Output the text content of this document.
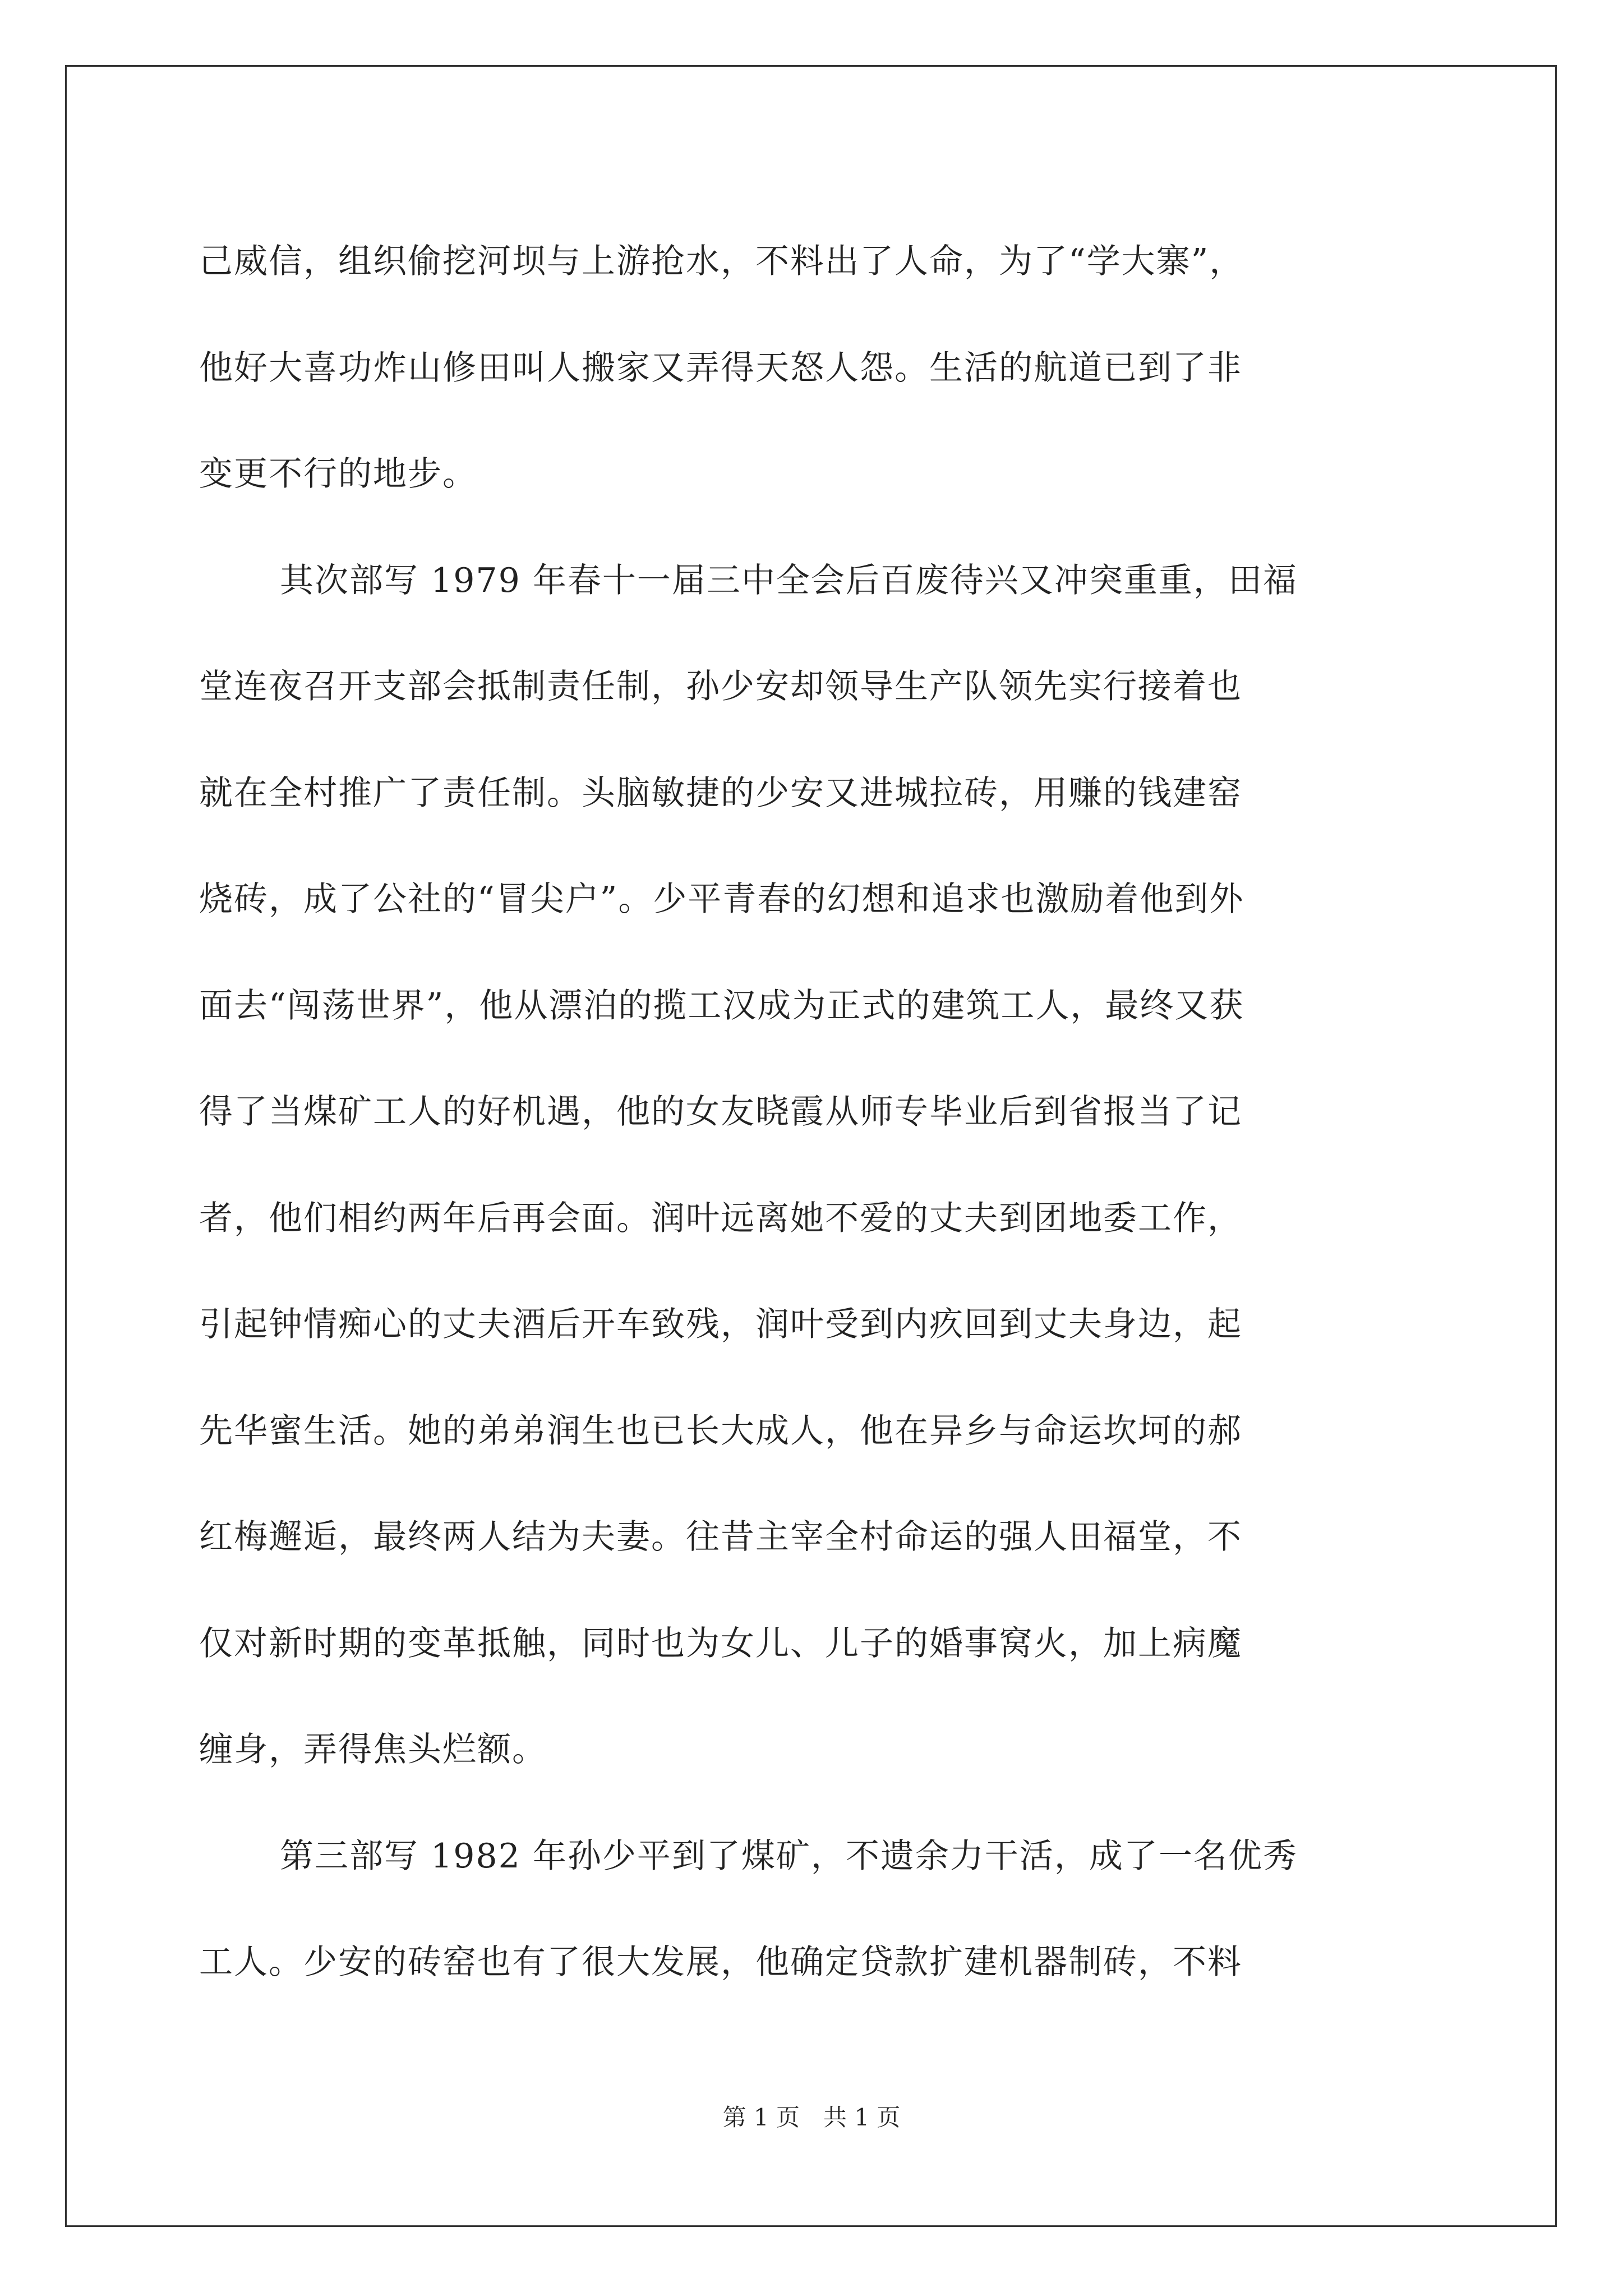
己威信，组织偷挖河坝与上游抢水，不料出了人命，为了“学大寨”，
他好大喜功炸山修田叫人搬家又弄得天怒人怨。生活的航道已到了非
变更不行的地步。

其次部写 1979 年春十一届三中全会后百废待兴又冲突重重，田福
堂连夜召开支部会抵制责任制，孙少安却领导生产队领先实行接着也
就在全村推广了责任制。头脑敏捷的少安又进城拉砖，用赚的钱建窑
烧砖，成了公社的“冒尖户”。少平青春的幻想和追求也激励着他到外
面去“闯荡世界”，他从漂泊的揽工汉成为正式的建筑工人，最终又获
得了当煤矿工人的好机遇，他的女友晓霞从师专毕业后到省报当了记
者，他们相约两年后再会面。润叶远离她不爱的丈夫到团地委工作，
引起钟情痴心的丈夫酒后开车致残，润叶受到内疚回到丈夫身边，起
先华蜜生活。她的弟弟润生也已长大成人，他在异乡与命运坎坷的郝
红梅邂逅，最终两人结为夫妻。往昔主宰全村命运的强人田福堂，不
仅对新时期的变革抵触，同时也为女儿、儿子的婚事窝火，加上病魔
缠身，弄得焦头烂额。

第三部写 1982 年孙少平到了煤矿，不遗余力干活，成了一名优秀
工人。少安的砖窑也有了很大发展，他确定贷款扩建机器制砖，不料

第 1 页　共 1 页
